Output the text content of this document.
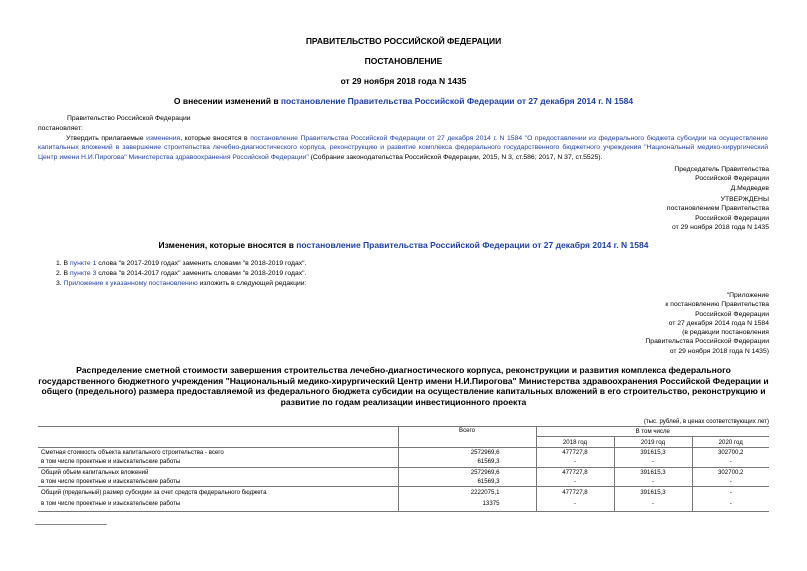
ПРАВИТЕЛЬСТВО РОССИЙСКОЙ ФЕДЕРАЦИИ
ПОСТАНОВЛЕНИЕ
от 29 ноября 2018 года N 1435
О внесении изменений в постановление Правительства Российской Федерации от 27 декабря 2014 г. N 1584
Правительство Российской Федерации
постановляет:
Утвердить прилагаемые изменения, которые вносятся в постановление Правительства Российской Федерации от 27 декабря 2014 г. N 1584 "О предоставлении из федерального бюджета субсидии на осуществление капитальных вложений в завершение строительства лечебно-диагностического корпуса, реконструкцию и развитие комплекса федерального государственного бюджетного учреждения "Национальный медико-хирургический Центр имени Н.И.Пирогова" Министерства здравоохранения Российской Федерации" (Собрание законодательства Российской Федерации, 2015, N 3, ст.586; 2017, N 37, ст.5525).
Председатель Правительства
Российской Федерации
Д.Медведев
УТВЕРЖДЕНЫ
постановлением Правительства
Российской Федерации
от 29 ноября 2018 года N 1435
Изменения, которые вносятся в постановление Правительства Российской Федерации от 27 декабря 2014 г. N 1584
1. В пункте 1 слова "в 2017-2019 годах" заменить словами "в 2018-2019 годах".
2. В пункте 3 слова "в 2014-2017 годах" заменить словами "в 2018-2019 годах".
3. Приложение к указанному постановлению изложить в следующей редакции:
"Приложение
к постановлению Правительства
Российской Федерации
от 27 декабря 2014 года N 1584
(в редакции постановления
Правительства Российской Федерации
от 29 ноября 2018 года N 1435)
Распределение сметной стоимости завершения строительства лечебно-диагностического корпуса, реконструкции и развития комплекса федерального государственного бюджетного учреждения "Национальный медико-хирургический Центр имени Н.И.Пирогова" Министерства здравоохранения Российской Федерации и общего (предельного) размера предоставляемой из федерального бюджета субсидии на осуществление капитальных вложений в его строительство, реконструкцию и развитие по годам реализации инвестиционного проекта
(тыс. рублей, в ценах соответствующих лет)
	Всего	В том числе		
		2018 год	2019 год	2020 год
Сметная стоимость объекта капитального строительства - всего	2572969,6	477727,8	391615,3	302700,2
в том числе проектные и изыскательские работы	61569,3	-	-	-
Общий объем капитальных вложений	2572969,6	477727,8	391615,3	302700,2
в том числе проектные и изыскательские работы	61569,3	-	-	-
Общий (предельный) размер субсидии за счет средств федерального бюджета	2222075,1	477727,8	391615,3	-
в том числе проектные и изыскательские работы	13375	-	-	-
